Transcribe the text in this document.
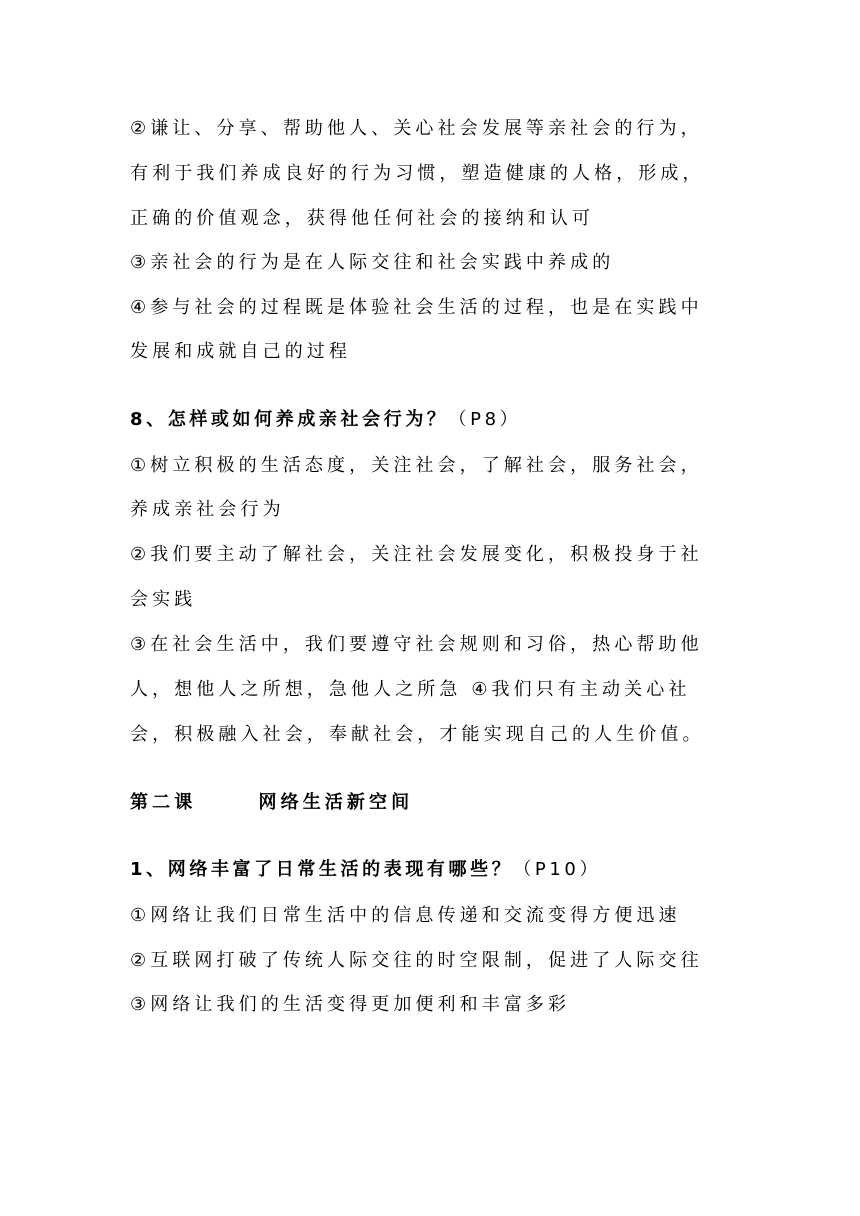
②谦让、分享、帮助他人、关心社会发展等亲社会的行为，
有利于我们养成良好的行为习惯，塑造健康的人格，形成，
正确的价值观念，获得他任何社会的接纳和认可
③亲社会的行为是在人际交往和社会实践中养成的
④参与社会的过程既是体验社会生活的过程，也是在实践中
发展和成就自己的过程
8、怎样或如何养成亲社会行为？（P8）
①树立积极的生活态度，关注社会，了解社会，服务社会，
养成亲社会行为
②我们要主动了解社会，关注社会发展变化，积极投身于社
会实践
③在社会生活中，我们要遵守社会规则和习俗，热心帮助他
人，想他人之所想，急他人之所急 ④我们只有主动关心社
会，积极融入社会，奉献社会，才能实现自己的人生价值。
第二课      网络生活新空间
1、网络丰富了日常生活的表现有哪些？（P10）
①网络让我们日常生活中的信息传递和交流变得方便迅速
②互联网打破了传统人际交往的时空限制，促进了人际交往
③网络让我们的生活变得更加便利和丰富多彩
